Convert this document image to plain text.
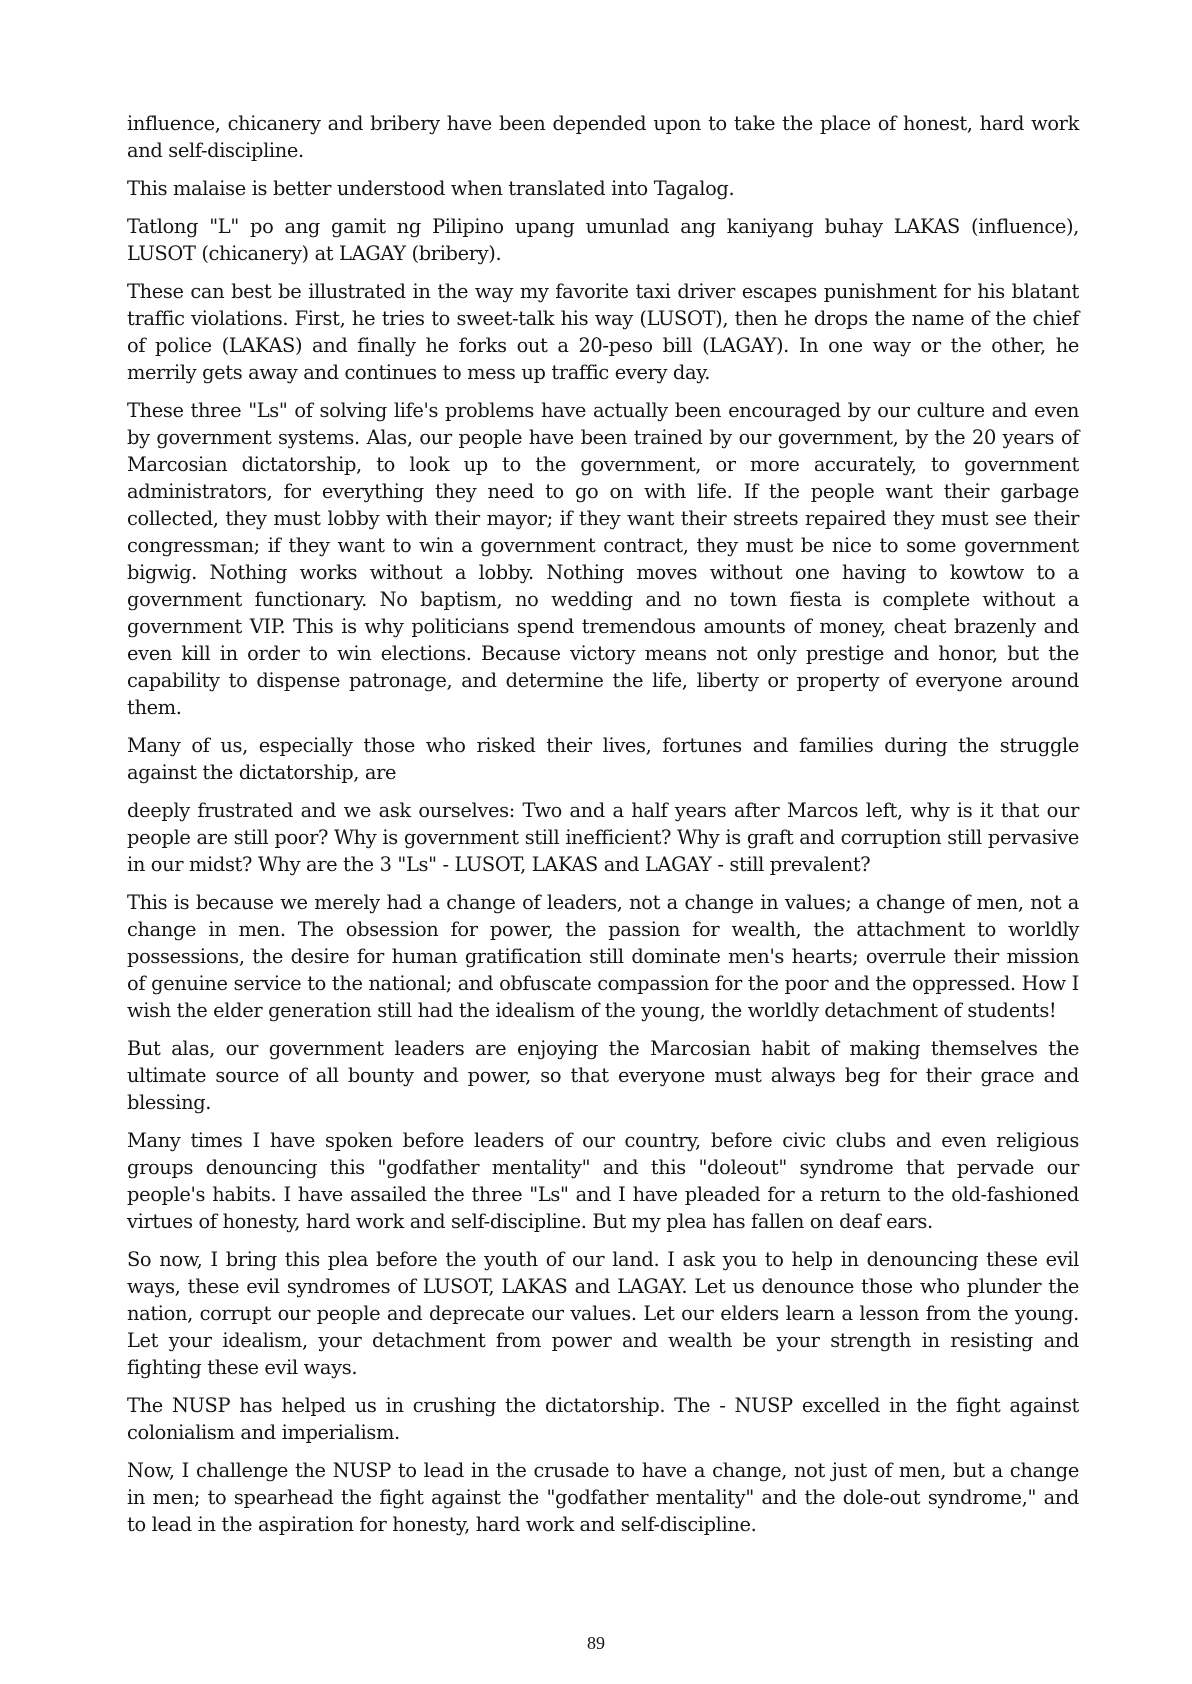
influence, chicanery and bribery have been depended upon to take the place of honest, hard work and self-discipline.

This malaise is better understood when translated into Tagalog.

Tatlong "L" po ang gamit ng Pilipino upang umunlad ang kaniyang buhay LAKAS (influence), LUSOT (chicanery) at LAGAY (bribery).

These can best be illustrated in the way my favorite taxi driver escapes punishment for his blatant traffic violations. First, he tries to sweet-talk his way (LUSOT), then he drops the name of the chief of police (LAKAS) and finally he forks out a 20-peso bill (LAGAY). In one way or the other, he merrily gets away and continues to mess up traffic every day.

These three "Ls" of solving life's problems have actually been encouraged by our culture and even by government systems. Alas, our people have been trained by our government, by the 20 years of Marcosian dictatorship, to look up to the government, or more accurately, to government administrators, for everything they need to go on with life. If the people want their garbage collected, they must lobby with their mayor; if they want their streets repaired they must see their congressman; if they want to win a government contract, they must be nice to some government bigwig. Nothing works without a lobby. Nothing moves without one having to kowtow to a government functionary. No baptism, no wedding and no town fiesta is complete without a government VIP. This is why politicians spend tremendous amounts of money, cheat brazenly and even kill in order to win elections. Because victory means not only prestige and honor, but the capability to dispense patronage, and determine the life, liberty or property of everyone around them.

Many of us, especially those who risked their lives, fortunes and families during the struggle against the dictatorship, are

deeply frustrated and we ask ourselves: Two and a half years after Marcos left, why is it that our people are still poor? Why is government still inefficient? Why is graft and corruption still pervasive in our midst? Why are the 3 "Ls" - LUSOT, LAKAS and LAGAY - still prevalent?

This is because we merely had a change of leaders, not a change in values; a change of men, not a change in men. The obsession for power, the passion for wealth, the attachment to worldly possessions, the desire for human gratification still dominate men's hearts; overrule their mission of genuine service to the national; and obfuscate compassion for the poor and the oppressed. How I wish the elder generation still had the idealism of the young, the worldly detachment of students!

But alas, our government leaders are enjoying the Marcosian habit of making themselves the ultimate source of all bounty and power, so that everyone must always beg for their grace and blessing.

Many times I have spoken before leaders of our country, before civic clubs and even religious groups denouncing this "godfather mentality" and this "doleout" syndrome that pervade our people's habits. I have assailed the three "Ls" and I have pleaded for a return to the old-fashioned virtues of honesty, hard work and self-discipline. But my plea has fallen on deaf ears.

So now, I bring this plea before the youth of our land. I ask you to help in denouncing these evil ways, these evil syndromes of LUSOT, LAKAS and LAGAY. Let us denounce those who plunder the nation, corrupt our people and deprecate our values. Let our elders learn a lesson from the young. Let your idealism, your detachment from power and wealth be your strength in resisting and fighting these evil ways.

The NUSP has helped us in crushing the dictatorship. The - NUSP excelled in the fight against colonialism and imperialism.

Now, I challenge the NUSP to lead in the crusade to have a change, not just of men, but a change in men; to spearhead the fight against the "godfather mentality" and the dole-out syndrome," and to lead in the aspiration for honesty, hard work and self-discipline.

89
